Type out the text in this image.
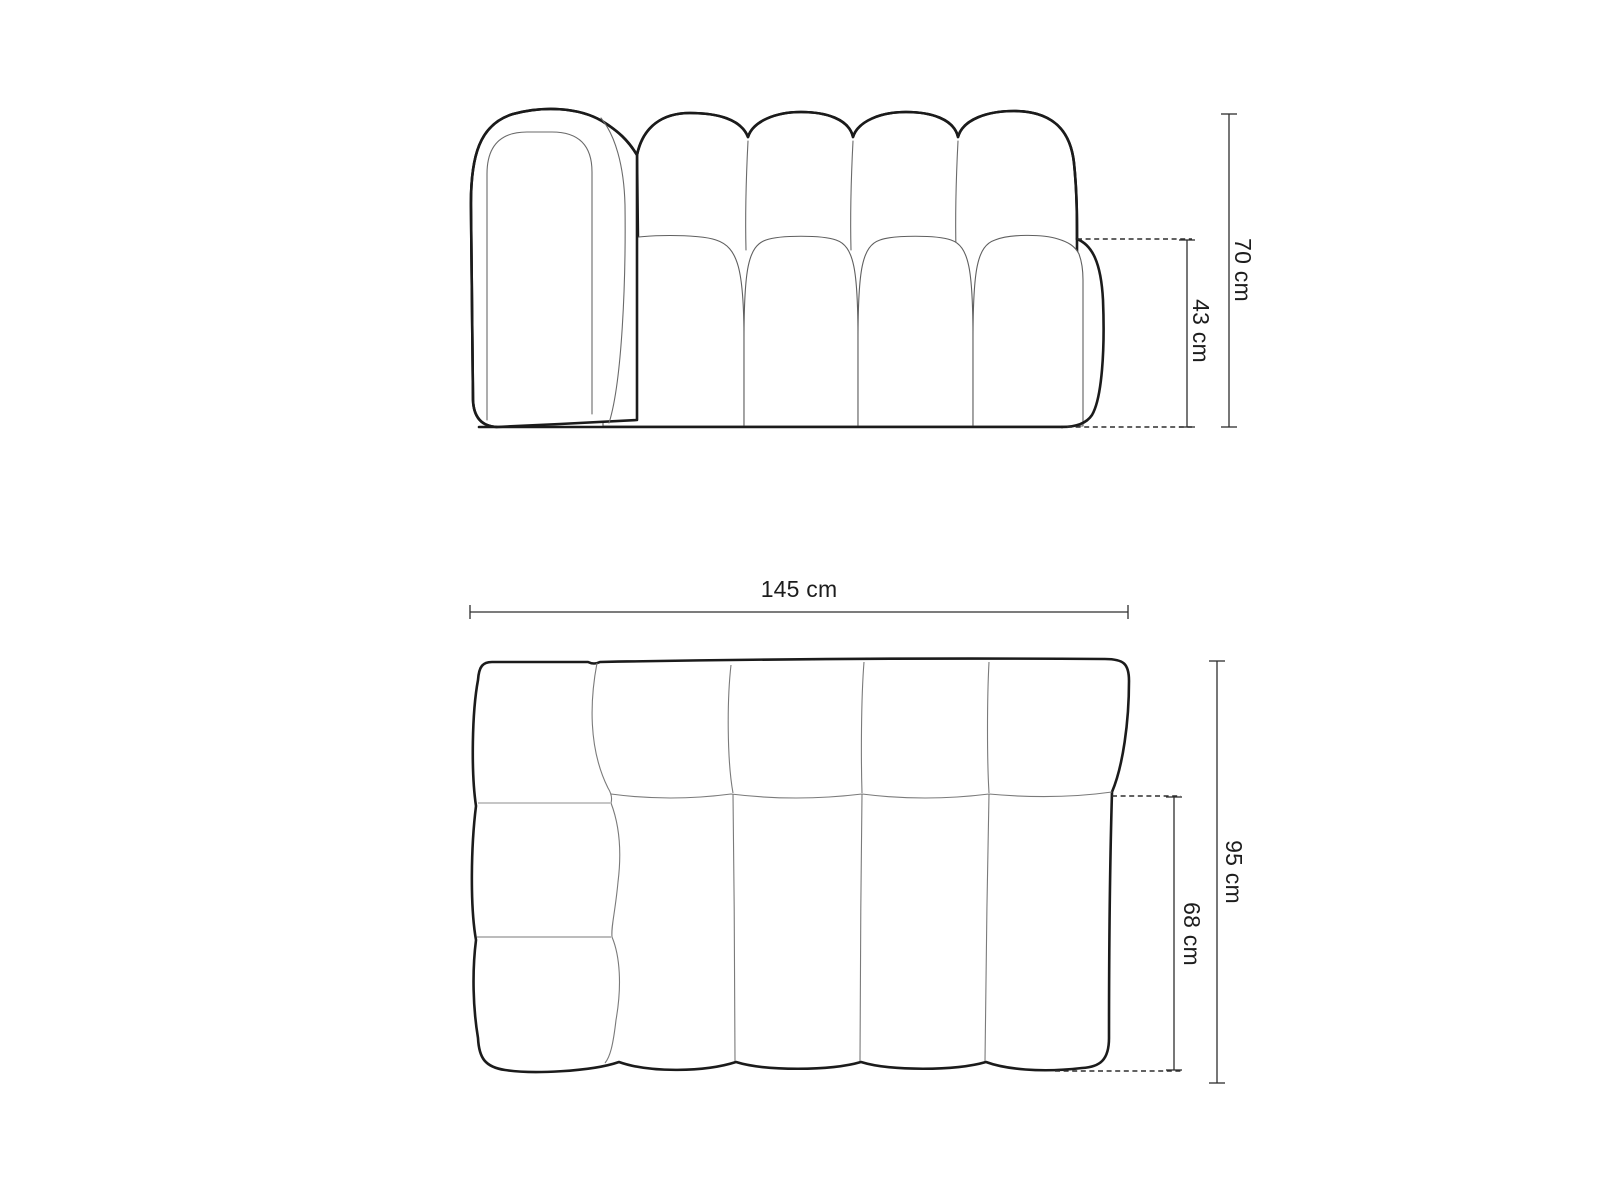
43 cm
70 cm
145 cm
68 cm
95 cm
